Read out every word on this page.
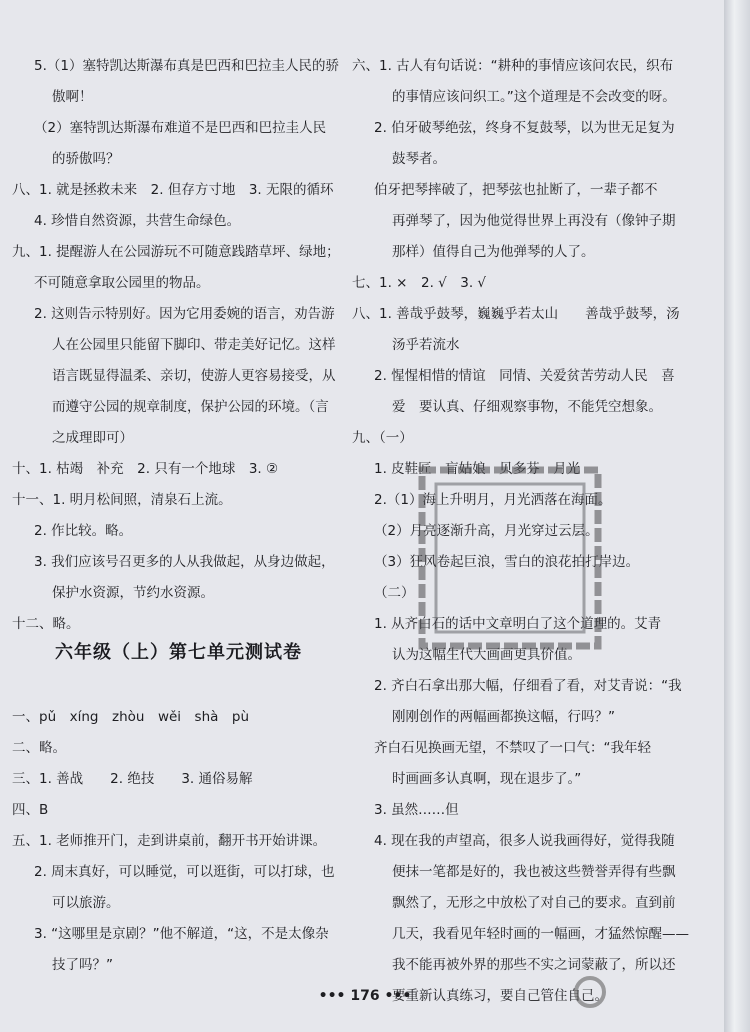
5.（1）塞特凯达斯瀑布真是巴西和巴拉圭人民的骄
傲啊！
（2）塞特凯达斯瀑布难道不是巴西和巴拉圭人民
的骄傲吗？
八、1. 就是拯救未来　2. 但存方寸地　3. 无限的循环
4. 珍惜自然资源，共营生命绿色。
九、1. 提醒游人在公园游玩不可随意践踏草坪、绿地；
不可随意拿取公园里的物品。
2. 这则告示特别好。因为它用委婉的语言，劝告游
人在公园里只能留下脚印、带走美好记忆。这样
语言既显得温柔、亲切，使游人更容易接受，从
而遵守公园的规章制度，保护公园的环境。（言
之成理即可）
十、1. 枯竭　补充　2. 只有一个地球　3. ②
十一、1. 明月松间照，清泉石上流。
2. 作比较。略。
3. 我们应该号召更多的人从我做起，从身边做起，
保护水资源，节约水资源。
十二、略。
一、pǔ　xíng　zhòu　wěi　shà　pù
二、略。
三、1. 善战　　2. 绝技　　3. 通俗易解
四、B
五、1. 老师推开门，走到讲桌前，翻开书开始讲课。
2. 周末真好，可以睡觉，可以逛街，可以打球，也
可以旅游。
3. “这哪里是京剧？”他不解道，“这，不是太像杂
技了吗？”
六年级（上）第七单元测试卷
六、1. 古人有句话说：“耕种的事情应该问农民，织布
的事情应该问织工。”这个道理是不会改变的呀。
2. 伯牙破琴绝弦，终身不复鼓琴，以为世无足复为
鼓琴者。
伯牙把琴摔破了，把琴弦也扯断了，一辈子都不
再弹琴了，因为他觉得世界上再没有（像钟子期
那样）值得自己为他弹琴的人了。
七、1. ×　2. √　3. √
八、1. 善哉乎鼓琴，巍巍乎若太山　　善哉乎鼓琴，汤
汤乎若流水
2. 惺惺相惜的情谊　同情、关爱贫苦劳动人民　喜
爱　要认真、仔细观察事物，不能凭空想象。
九、（一）
1. 皮鞋匠　盲姑娘　贝多芬　月光
2.（1）海上升明月，月光洒落在海面。
（2）月亮逐渐升高，月光穿过云层。
（3）狂风卷起巨浪，雪白的浪花拍打岸边。
（二）
1. 从齐白石的话中文章明白了这个道理的。艾青
认为这幅生代大画画更具价值。
2. 齐白石拿出那大幅，仔细看了看，对艾青说：“我
刚刚创作的两幅画都换这幅，行吗？”
齐白石见换画无望，不禁叹了一口气：“我年轻
时画画多认真啊，现在退步了。”
3. 虽然……但
4. 现在我的声望高，很多人说我画得好，觉得我随
便抹一笔都是好的，我也被这些赞誉弄得有些飘
飘然了，无形之中放松了对自己的要求。直到前
几天，我看见年轻时画的一幅画，才猛然惊醒——
我不能再被外界的那些不实之词蒙蔽了，所以还
要重新认真练习，要自己管住自己。
••• 176 •••
